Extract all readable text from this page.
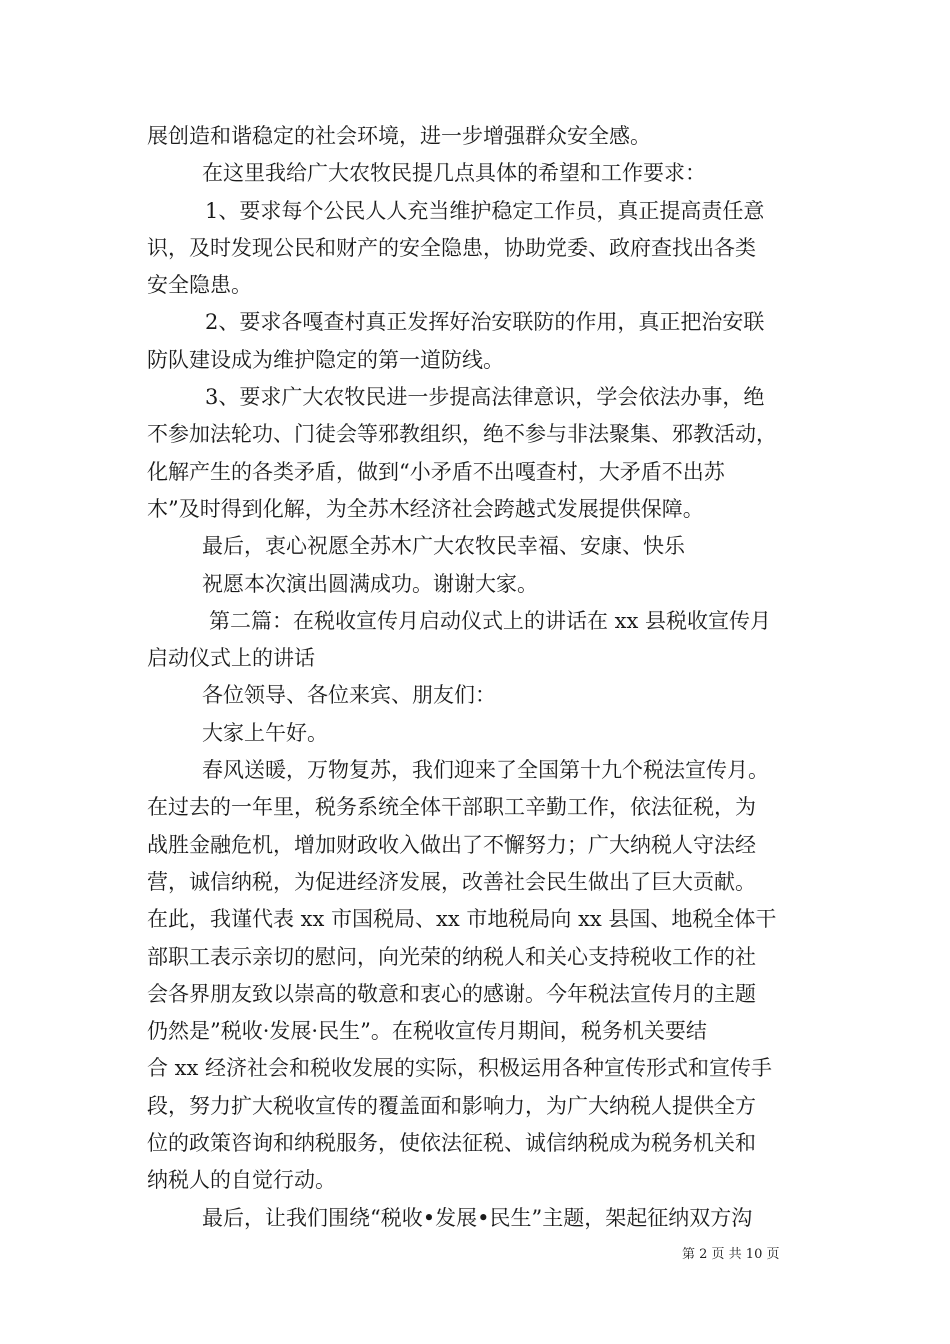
展创造和谐稳定的社会环境，进一步增强群众安全感。
在这里我给广大农牧民提几点具体的希望和工作要求：
1、要求每个公民人人充当维护稳定工作员，真正提高责任意
识，及时发现公民和财产的安全隐患，协助党委、政府查找出各类
安全隐患。
2、要求各嘎查村真正发挥好治安联防的作用，真正把治安联
防队建设成为维护隐定的第一道防线。
3、要求广大农牧民进一步提高法律意识，学会依法办事，绝
不参加法轮功、门徒会等邪教组织，绝不参与非法聚集、邪教活动，
化解产生的各类矛盾，做到“小矛盾不出嘎查村，大矛盾不出苏
木”及时得到化解，为全苏木经济社会跨越式发展提供保障。
最后，衷心祝愿全苏木广大农牧民幸福、安康、快乐
祝愿本次演出圆满成功。谢谢大家。
第二篇：在税收宣传月启动仪式上的讲话在 xx 县税收宣传月
启动仪式上的讲话
各位领导、各位来宾、朋友们：
大家上午好。
春风送暖，万物复苏，我们迎来了全国第十九个税法宣传月。
在过去的一年里，税务系统全体干部职工辛勤工作，依法征税，为
战胜金融危机，增加财政收入做出了不懈努力；广大纳税人守法经
营，诚信纳税，为促进经济发展，改善社会民生做出了巨大贡献。
在此，我谨代表 xx 市国税局、xx 市地税局向 xx 县国、地税全体干
部职工表示亲切的慰问，向光荣的纳税人和关心支持税收工作的社
会各界朋友致以崇高的敬意和衷心的感谢。今年税法宣传月的主题
仍然是”税收·发展·民生”。在税收宣传月期间，税务机关要结
合 xx 经济社会和税收发展的实际，积极运用各种宣传形式和宣传手
段，努力扩大税收宣传的覆盖面和影响力，为广大纳税人提供全方
位的政策咨询和纳税服务，使依法征税、诚信纳税成为税务机关和
纳税人的自觉行动。
最后，让我们围绕“税收•发展•民生”主题，架起征纳双方沟
第 2 页 共 10 页
